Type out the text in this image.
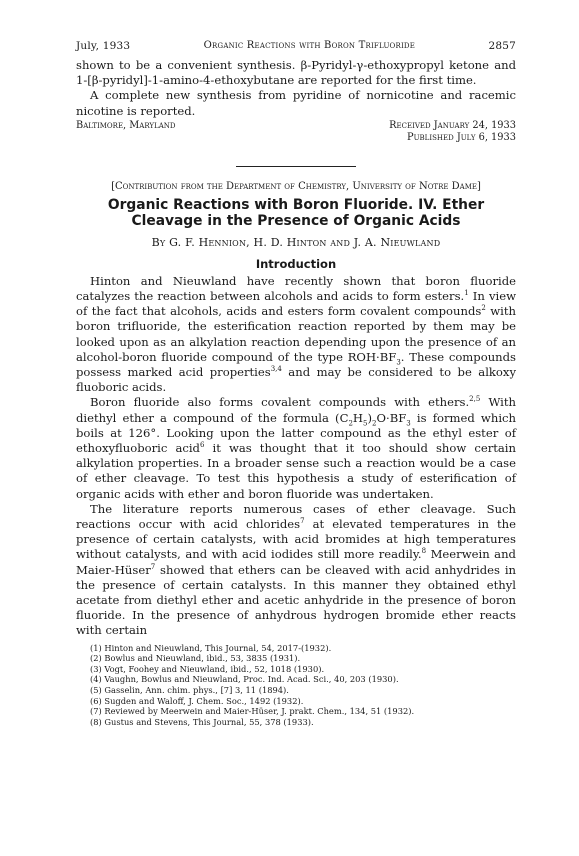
July, 1933	Organic Reactions with Boron Trifluoride	2857

shown to be a convenient synthesis. β-Pyridyl-γ-ethoxypropyl ketone and 1-[β-pyridyl]-1-amino-4-ethoxybutane are reported for the first time.

A complete new synthesis from pyridine of nornicotine and racemic nicotine is reported.

Baltimore, Maryland	Received January 24, 1933
Published July 6, 1933
[Contribution from the Department of Chemistry, University of Notre Dame]
Organic Reactions with Boron Fluoride. IV. Ether Cleavage in the Presence of Organic Acids
By G. F. Hennion, H. D. Hinton and J. A. Nieuwland
Introduction

Hinton and Nieuwland have recently shown that boron fluoride catalyzes the reaction between alcohols and acids to form esters.$^1$ In view of the fact that alcohols, acids and esters form covalent compounds$^2$ with boron trifluoride, the esterification reaction reported by them may be looked upon as an alkylation reaction depending upon the presence of an alcohol-boron fluoride compound of the type $ROH\cdot BF_3$. These compounds possess marked acid properties$^{3,4}$ and may be considered to be alkoxy fluoboric acids.

Boron fluoride also forms covalent compounds with ethers.$^{2,5}$ With diethyl ether a compound of the formula $(C_2H_5)_2O\cdot BF_3$ is formed which boils at 126°. Looking upon the latter compound as the ethyl ester of ethoxyfluoboric acid$^6$ it was thought that it too should show certain alkylation properties. In a broader sense such a reaction would be a case of ether cleavage. To test this hypothesis a study of esterification of organic acids with ether and boron fluoride was undertaken.

The literature reports numerous cases of ether cleavage. Such reactions occur with acid chlorides$^7$ at elevated temperatures in the presence of certain catalysts, with acid bromides at high temperatures without catalysts, and with acid iodides still more readily.$^8$ Meerwein and Maier-Hüser$^7$ showed that ethers can be cleaved with acid anhydrides in the presence of certain catalysts. In this manner they obtained ethyl acetate from diethyl ether and acetic anhydride in the presence of boron fluoride. In the presence of anhydrous hydrogen bromide ether reacts with certain

(1) Hinton and Nieuwland, This Journal, 54, 2017-(1932).
(2) Bowlus and Nieuwland, ibid., 53, 3835 (1931).
(3) Vogt, Foohey and Nieuwland, ibid., 52, 1018 (1930).
(4) Vaughn, Bowlus and Nieuwland, Proc. Ind. Acad. Sci., 40, 203 (1930).
(5) Gasselin, Ann. chim. phys., [7] 3, 11 (1894).
(6) Sugden and Waloff, J. Chem. Soc., 1492 (1932).
(7) Reviewed by Meerwein and Maier-Hüser, J. prakt. Chem., 134, 51 (1932).
(8) Gustus and Stevens, This Journal, 55, 378 (1933).
